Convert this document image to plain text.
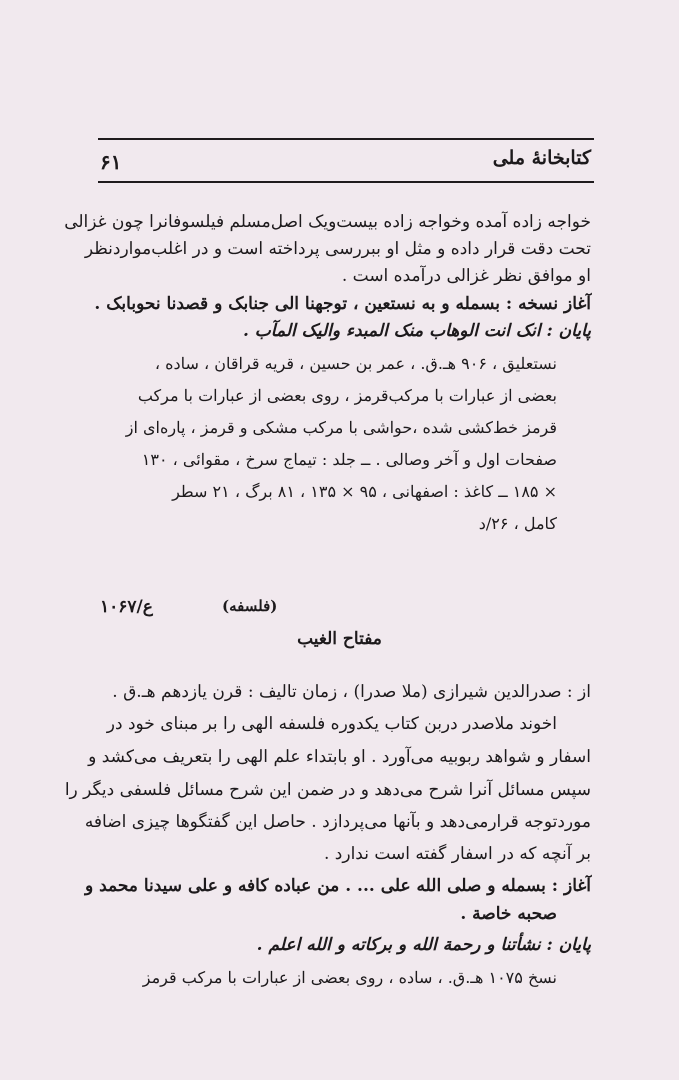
كتابخانهٔ ملی
۶۱
خواجه زاده آمده وخواجه زاده بیست‌ویک اصل‌مسلم فیلسوفانرا چون غزالی
تحت دقت قرار داده و مثل او ببررسی پرداخته است و در اغلب‌مواردنظر
او موافق نظر غزالی درآمده است .
آغاز نسخه : بسمله و به نستعین ، توجهنا الی جنابک و قصدنا نحوبابک .
پایان : انک انت الوهاب منک المبدء والیک المآب .
نستعلیق ، ۹۰۶ هـ.ق. ، عمر بن حسین ، قریه قراقان ، ساده ،
بعضی از عبارات با مرکب‌قرمز ، روی بعضی از عبارات با مرکب
قرمز خط‌کشی شده ،حواشی با مرکب مشکی و قرمز ، پاره‌ای از
صفحات اول و آخر وصالی . ــ جلد : تیماج سرخ ، مقوائی ، ۱۳۰
× ۱۸۵ ــ کاغذ : اصفهانی ، ۹۵ × ۱۳۵ ، ۸۱ برگ ، ۲۱ سطر
کامل ، ۲۶/د
۱۰۶۷/ع	(فلسفه)
مفتاح الغیب
از : صدرالدین شیرازی (ملا صدرا) ، زمان تالیف : قرن یازدهم هـ.ق .
اخوند ملاصدر دربن کتاب یکدوره فلسفه الهی را بر مبنای خود در
اسفار و شواهد ربوبیه می‌آورد . او بابتداء علم الهی را بتعریف می‌کشد و
سپس مسائل آنرا شرح می‌دهد و در ضمن این شرح مسائل فلسفی دیگر را
موردتوجه قرارمی‌دهد و بآنها می‌پردازد . حاصل این گفتگوها چیزی اضافه
بر آنچه که در اسفار گفته است ندارد .
آغاز : بسمله و صلی الله علی ... . من عباده کافه و علی سیدنا محمد و
صحبه خاصة .
پایان : نشأتنا و رحمة الله و برکاته و الله اعلم .
نسخ ۱۰۷۵ هـ.ق. ، ساده ، روی بعضی از عبارات با مرکب قرمز
